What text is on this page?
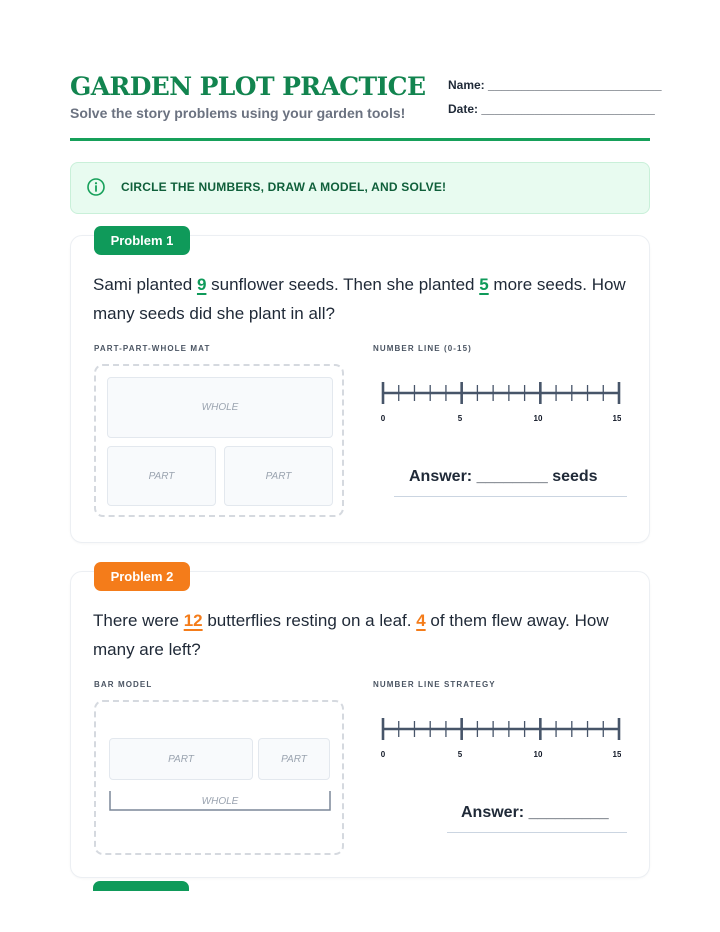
GARDEN PLOT PRACTICE
Solve the story problems using your garden tools!
Name: __________________________
Date: __________________________
CIRCLE THE NUMBERS, DRAW A MODEL, AND SOLVE!
Problem 1
Sami planted 9 sunflower seeds. Then she planted 5 more seeds. How many seeds did she plant in all?
PART-PART-WHOLE MAT	NUMBER LINE (0-15)
WHOLE
PART	PART
0	5	10	15
Answer: ________ seeds
Problem 2
There were 12 butterflies resting on a leaf. 4 of them flew away. How many are left?
BAR MODEL	NUMBER LINE STRATEGY
PART	PART
WHOLE
0	5	10	15
Answer: _________
